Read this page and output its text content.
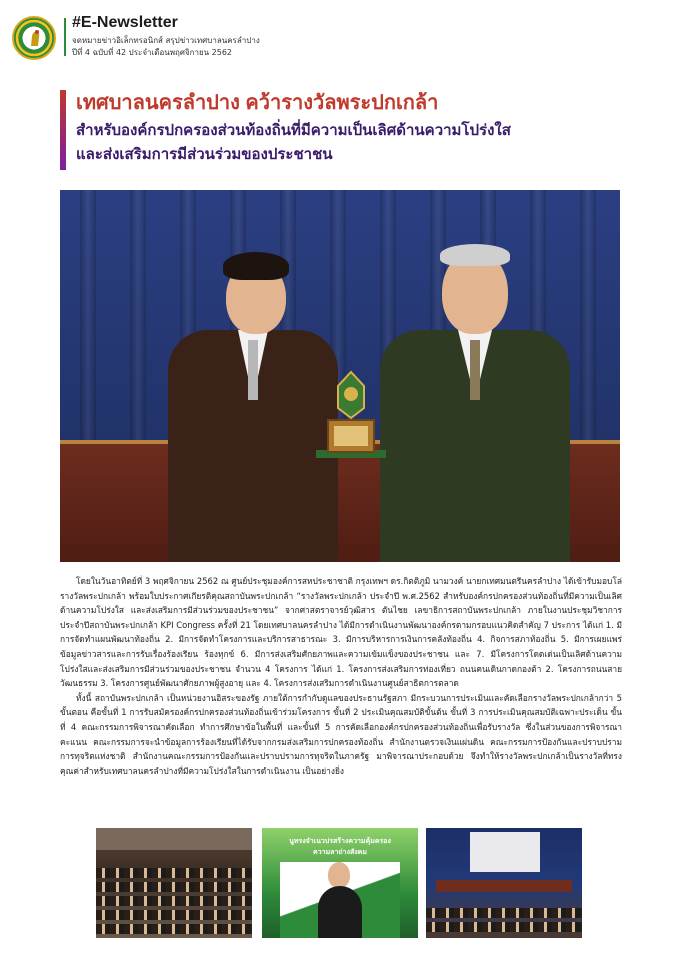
#E-Newsletter
จดหมายข่าวอิเล็กทรอนิกส์ สรุปข่าวเทศบาลนครลำปาง
ปีที่ 4 ฉบับที่ 42 ประจำเดือนพฤศจิกายน 2562
เทศบาลนครลำปาง คว้ารางวัลพระปกเกล้า
สำหรับองค์กรปกครองส่วนท้องถิ่นที่มีความเป็นเลิศด้านความโปร่งใส
และส่งเสริมการมีส่วนร่วมของประชาชน

โดยในวันอาทิตย์ที่ 3 พฤศจิกายน 2562 ณ ศูนย์ประชุมองค์การสหประชาชาติ กรุงเทพฯ ดร.กิตติภูมิ นามวงค์ นายกเทศมนตรีนครลำปาง ได้เข้ารับมอบโล่รางวัลพระปกเกล้า พร้อมใบประกาศเกียรติคุณสถาบันพระปกเกล้า “รางวัลพระปกเกล้า ประจำปี พ.ศ.2562 สำหรับองค์กรปกครองส่วนท้องถิ่นที่มีความเป็นเลิศ ด้านความโปร่งใส และส่งเสริมการมีส่วนร่วมของประชาชน” จากศาสตราจารย์วุฒิสาร ตันไชย เลขาธิการสถาบันพระปกเกล้า ภายในงานประชุมวิชาการประจำปีสถาบันพระปกเกล้า KPI Congress ครั้งที่ 21 โดยเทศบาลนครลำปาง ได้มีการดำเนินงานพัฒนาองค์กรตามกรอบแนวคิดสำคัญ 7 ประการ ได้แก่ 1. มีการจัดทำแผนพัฒนาท้องถิ่น 2. มีการจัดทำโครงการและบริการสาธารณะ 3. มีการบริหารการเงินการคลังท้องถิ่น 4. กิจการสภาท้องถิ่น 5. มีการเผยแพร่ข้อมูลข่าวสารและการรับเรื่องร้องเรียน ร้องทุกข์ 6. มีการส่งเสริมศักยภาพและความเข้มแข็งของประชาชน และ 7. มีโครงการโดดเด่นเป็นเลิศด้านความโปร่งใสและส่งเสริมการมีส่วนร่วมของประชาชน จำนวน 4 โครงการ ได้แก่ 1. โครงการส่งเสริมการท่องเที่ยว ถนนคนเดินกาดกองต้า 2. โครงการถนนสายวัฒนธรรม 3. โครงการศูนย์พัฒนาศักยภาพผู้สูงอายุ และ 4. โครงการส่งเสริมการดำเนินงานศูนย์สาธิตการตลาด

ทั้งนี้ สถาบันพระปกเกล้า เป็นหน่วยงานอิสระของรัฐ ภายใต้การกำกับดูแลของประธานรัฐสภา มีกระบวนการประเมินและคัดเลือกรางวัลพระปกเกล้ากว่า 5 ขั้นตอน คือขั้นที่ 1 การรับสมัครองค์กรปกครองส่วนท้องถิ่นเข้าร่วมโครงการ ขั้นที่ 2 ประเมินคุณสมบัติขั้นต้น ขั้นที่ 3 การประเมินคุณสมบัติเฉพาะประเด็น ขั้นที่ 4 คณะกรรมการพิจารณาคัดเลือก ทำการศึกษาข้อในพื้นที่ และขั้นที่ 5 การคัดเลือกองค์กรปกครองส่วนท้องถิ่นเพื่อรับรางวัล ซึ่งในส่วนของการพิจารณาคะแนน คณะกรรมการจะนำข้อมูลการร้องเรียนที่ได้รับจากกรมส่งเสริมการปกครองท้องถิ่น สำนักงานตรวจเงินแผ่นดิน คณะกรรมการป้องกันและปราบปรามการทุจริตแห่งชาติ สำนักงานคณะกรรมการป้องกันและปราบปรามการทุจริตในภาครัฐ มาพิจารณาประกอบด้วย จึงทำให้รางวัลพระปกเกล้าเป็นรางวัลที่ทรงคุณค่าสำหรับเทศบาลนครลำปางที่มีความโปร่งใสในการดำเนินงาน เป็นอย่างยิ่ง

นูทรงจำเนวปรสร้างความคุ้มครองความลาถ่างสังคม
